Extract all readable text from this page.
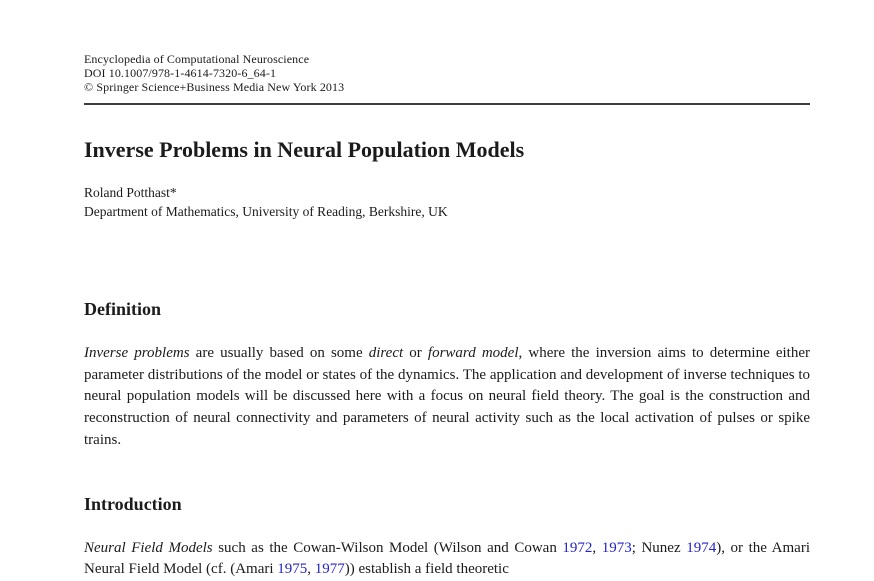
Encyclopedia of Computational Neuroscience
DOI 10.1007/978-1-4614-7320-6_64-1
© Springer Science+Business Media New York 2013
Inverse Problems in Neural Population Models
Roland Potthast*
Department of Mathematics, University of Reading, Berkshire, UK
Definition

Inverse problems are usually based on some direct or forward model, where the inversion aims to determine either parameter distributions of the model or states of the dynamics. The application and development of inverse techniques to neural population models will be discussed here with a focus on neural field theory. The goal is the construction and reconstruction of neural connectivity and parameters of neural activity such as the local activation of pulses or spike trains.

Introduction

Neural Field Models such as the Cowan-Wilson Model (Wilson and Cowan 1972, 1973; Nunez 1974), or the Amari Neural Field Model (cf. (Amari 1975, 1977)) establish a field theoretic
